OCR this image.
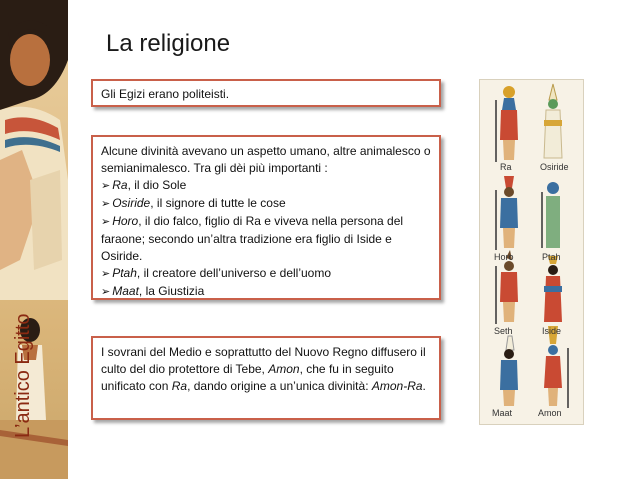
L’antico Egitto
La religione

Gli Egizi erano politeisti.

Alcune divinità avevano un aspetto umano, altre animalesco o semianimalesco. Tra gli dèi più importanti :

➢ Ra, il dio Sole
➢ Osiride, il signore di tutte le cose
➢ Horo, il dio falco, figlio di Ra e viveva nella persona del faraone; secondo un’altra tradizione era figlio di Iside e Osiride.
➢ Ptah, il creatore dell’universo e dell’uomo
➢ Maat, la Giustizia

I sovrani del Medio e soprattutto del Nuovo Regno diffusero il culto del dio protettore di Tebe, Amon, che fu in seguito unificato con Ra, dando origine a un’unica divinità: Amon-Ra.

Ra	Osiride
Horo	Ptah
Seth	Iside
Maat	Amon
